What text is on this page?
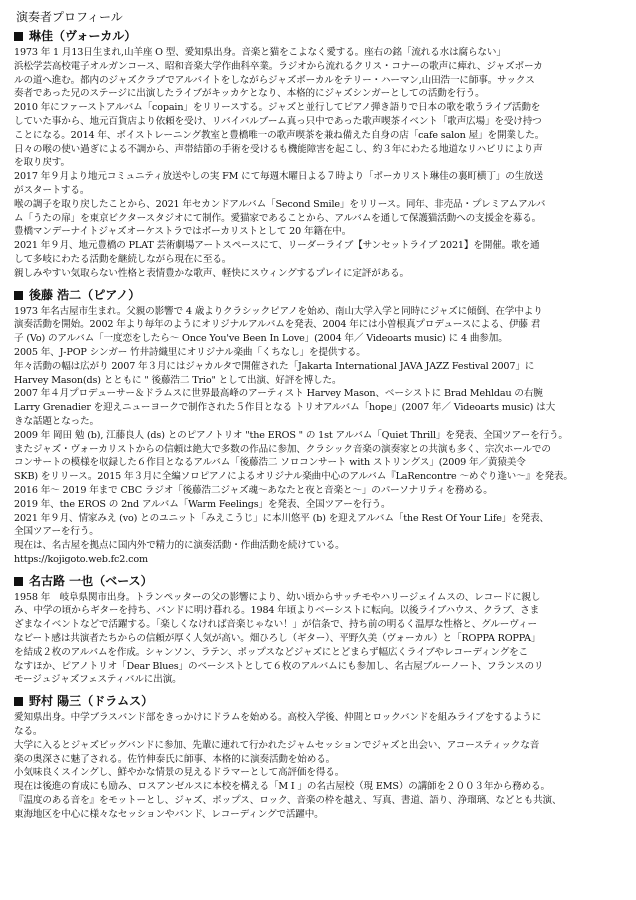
演奏者プロフィール
琳佳 （ヴォーカル）
1973 年 1 月13日生まれ,山羊座 O 型、愛知県出身。音楽と猫をこよなく愛する。座右の銘「流れる水は腐らない」
浜松学芸高校電子オルガンコース、昭和音楽大学作曲科卒業。ラジオから流れるクリス・コナーの歌声に痺れ、ジャズボーカ
ルの道へ進む。都内のジャズクラブでアルバイトをしながらジャズボーカルをテリー・ハーマン,山田浩一に師事。サックス
奏者であった兄のステージに出演したライブがキッカケとなり、本格的にジャズシンガーとしての活動を行う。
2010 年にファーストアルバム「copain」をリリースする。ジャズと並行してピアノ弾き語りで日本の歌を歌うライブ活動を
していた事から、地元百貨店より依頼を受け、リバイバルブーム真っ只中であった歌声喫茶イベント「歌声広場」を受け持つ
ことになる。2014 年、ボイストレーニング教室と豊橋唯一の歌声喫茶を兼ね備えた自身の店「cafe salon 屋」を開業した。
日々の喉の使い過ぎによる不調から、声帯結節の手術を受けるも機能障害を起こし、約３年にわたる地道なリハビリにより声
を取り戻す。
2017 年９月より地元コミュニティ放送やしの実 FM にて毎週木曜日よる７時より「ボーカリスト琳佳の裏町横丁」の生放送
がスタートする。
喉の調子を取り戻したことから、2021 年セカンドアルバム「Second Smile」をリリース。同年、非売品・プレミアムアルバ
ム「うたの扉」を東京ビクタースタジオにて制作。愛猫家であることから、アルバムを通して保護猫活動への支援金を募る。
豊橋マンデーナイトジャズオーケストラではボーカリストとして 20 年籍在中。
2021 年９月、地元豊橋の PLAT 芸術劇場アートスペースにて、リーダーライブ【サンセットライブ 2021】を開催。歌を通
して多岐にわたる活動を継続しながら現在に至る。
親しみやすい気取らない性格と表情豊かな歌声、軽快にスウィングするプレイに定評がある。
後藤 浩二 （ピアノ）
1973 年名古屋市生まれ。父親の影響で 4 歳よりクラシックピアノを始め、南山大学入学と同時にジャズに傾倒、在学中より
演奏活動を開始。2002 年より毎年のようにオリジナルアルバムを発表、2004 年には小曽根真プロデュースによる、伊藤 君
子 (Vo) のアルバム「一度恋をしたら～ Once You've Been In Love」(2004 年／ Videoarts music) に 4 曲参加。
2005 年、J-POP シンガー 竹井詩織里にオリジナル楽曲「くちなし」を提供する。
年々活動の幅は広がり 2007 年３月にはジャカルタで開催された「Jakarta International JAVA JAZZ Festival 2007」に
Harvey Mason(ds) とともに " 後藤浩二 Trio" として出演、好評を博した。
2007 年４月プロデューサー＆ドラムスに世界最高峰のアーティスト Harvey Mason、ベーシストに Brad Mehldau の右腕
Larry Grenadier を迎えニューヨークで制作された５作目となる トリオアルバム「hope」(2007 年／ Videoarts music) は大
きな話題となった。
2009 年 岡田 勉 (b), 江藤良人 (ds) とのピアノトリオ "the EROS " の 1st アルバム「Quiet Thrill」を発表、全国ツアーを行う。
またジャズ・ヴォーカリストからの信頼は絶大で多数の作品に参加、クラシック音楽の演奏家との共演も多く、宗次ホールでの
コンサートの模様を収録した６作目となるアルバム「後藤浩二 ソロコンサート with ストリングス」(2009 年／黄猿美令
SKB) をリリース。2015 年３月に全編ソロピアノによるオリジナル楽曲中心のアルバム『LaRencontre ～めぐり逢い～』を発表。
2016 年～ 2019 年まで CBC ラジオ「後藤浩二ジャズ魂～あなたと夜と音楽と～」のパーソナリティを務める。
2019 年、the EROS の 2nd アルバム「Warm Feelings」を発表、全国ツアーを行う。
2021 年９月、情家みえ (vo) とのユニット「みえこうじ」に本川悠平 (b) を迎えアルバム「the Rest Of Your Life」を発表、
全国ツアーを行う。
現在は、名古屋を拠点に国内外で精力的に演奏活動・作曲活動を続けている。
https://kojigoto.web.fc2.com
名古路 一也 （ベース）
1958 年　岐阜県関市出身。トランペッターの父の影響により、幼い頃からサッチモやハリージェイムスの、レコードに親し
み、中学の頃からギターを持ち、バンドに明け暮れる。1984 年頃よりベーシストに転向。以後ライブハウス、クラブ、さま
ざまなイベントなどで活躍する。「楽しくなければ音楽じゃない！」が信条で、持ち前の明るく温厚な性格と、グルーヴィー
なビート感は共演者たちからの信頼が厚く人気が高い。畑ひろし（ギター）、平野久美（ヴォーカル）と「ROPPA ROPPA」
を結成２枚のアルバムを作成。シャンソン、ラテン、ポップスなどジャズにとどまらず幅広くライブやレコーディングをこ
なすほか、ピアノトリオ「Dear Blues」のベーシストとして６枚のアルバムにも参加し、名古屋ブルーノート、フランスのリ
モージュジャズフェスティバルに出演。
野村 陽三 （ドラムス）
愛知県出身。中学ブラスバンド部をきっかけにドラムを始める。高校入学後、仲間とロックバンドを組みライブをするように
なる。
大学に入るとジャズビッグバンドに参加、先輩に連れて行かれたジャムセッションでジャズと出会い、アコースティックな音
楽の奥深さに魅了される。佐竹伸泰氏に師事、本格的に演奏活動を始める。
小気味良くスイングし、鮮やかな情景の見えるドラマーとして高評価を得る。
現在は後進の育成にも励み、ロスアンゼルスに本校を構える「M I 」の名古屋校（現 EMS）の講師を２００３年から務める。
『温度のある音を』をモットーとし、ジャズ、ポップス、ロック、音楽の枠を越え、写真、書道、語り、浄瑠璃、などとも共演、
東海地区を中心に様々なセッションやバンド、レコーディングで活躍中。
